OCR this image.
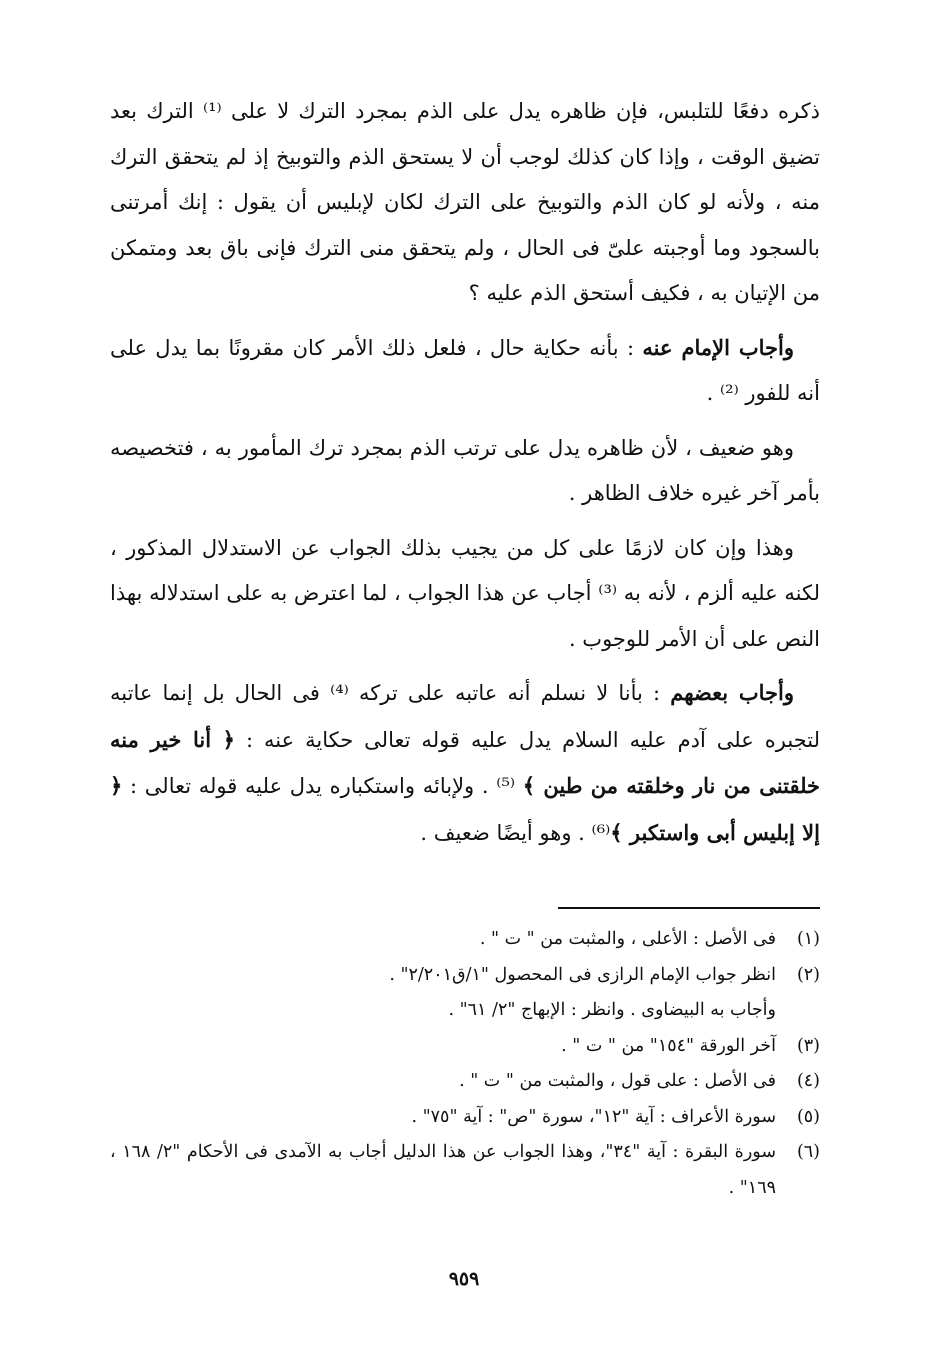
ذكره دفعًا للتلبس، فإن ظاهره يدل على الذم بمجرد الترك لا على ⁽¹⁾ الترك بعد تضيق الوقت ، وإذا كان كذلك لوجب أن لا يستحق الذم والتوبيخ إذ لم يتحقق الترك منه ، ولأنه لو كان الذم والتوبيخ على الترك لكان لإبليس أن يقول : إنك أمرتنى بالسجود وما أوجبته علىّ فى الحال ، ولم يتحقق منى الترك فإنى باق بعد ومتمكن من الإتيان به ، فكيف أستحق الذم عليه ؟

وأجاب الإمام عنه : بأنه حكاية حال ، فلعل ذلك الأمر كان مقرونًا بما يدل على أنه للفور ⁽²⁾ .

وهو ضعيف ، لأن ظاهره يدل على ترتب الذم بمجرد ترك المأمور به ، فتخصيصه بأمر آخر غيره خلاف الظاهر .

وهذا وإن كان لازمًا على كل من يجيب بذلك الجواب عن الاستدلال المذكور ، لكنه عليه ألزم ، لأنه به ⁽³⁾ أجاب عن هذا الجواب ، لما اعترض به على استدلاله بهذا النص على أن الأمر للوجوب .

وأجاب بعضهم : بأنا لا نسلم أنه عاتبه على تركه ⁽⁴⁾ فى الحال بل إنما عاتبه لتجبره على آدم عليه السلام يدل عليه قوله تعالى حكاية عنه : ﴿ أنا خير منه خلقتنى من نار وخلقته من طين ﴾ ⁽⁵⁾ . ولإبائه واستكباره يدل عليه قوله تعالى : ﴿ إلا إبليس أبى واستكبر ﴾⁽⁶⁾ . وهو أيضًا ضعيف .

(١)
فى الأصل : الأعلى ، والمثبت من " ت " .
(٢)
انظر جواب الإمام الرازى فى المحصول "١/ق٢/٢٠١" .
وأجاب به البيضاوى . وانظر : الإبهاج "٢/ ٦١" .
(٣)
آخر الورقة "١٥٤" من " ت " .
(٤)
فى الأصل : على قول ، والمثبت من " ت " .
(٥)
سورة الأعراف : آية "١٢"، سورة "ص" : آية "٧٥" .
(٦)
سورة البقرة : آية "٣٤"، وهذا الجواب عن هذا الدليل أجاب به الآمدى فى الأحكام "٢/ ١٦٨ ، ١٦٩" .
٩٥٩
